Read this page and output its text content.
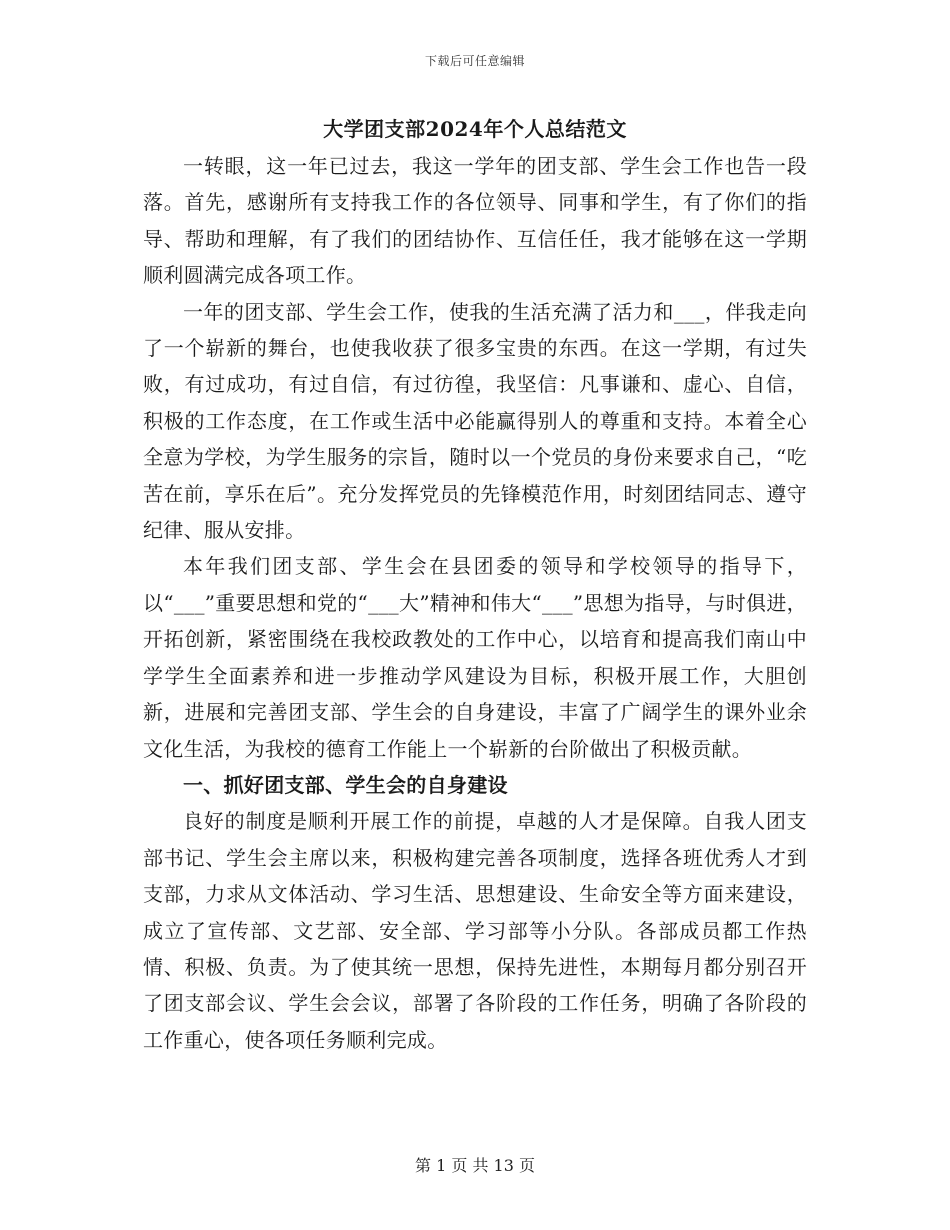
下载后可任意编辑
大学团支部2024年个人总结范文

一转眼，这一年已过去，我这一学年的团支部、学生会工作也告一段落。首先，感谢所有支持我工作的各位领导、同事和学生，有了你们的指导、帮助和理解，有了我们的团结协作、互信任任，我才能够在这一学期顺利圆满完成各项工作。

一年的团支部、学生会工作，使我的生活充满了活力和___，伴我走向了一个崭新的舞台，也使我收获了很多宝贵的东西。在这一学期，有过失败，有过成功，有过自信，有过彷徨，我坚信：凡事谦和、虚心、自信，积极的工作态度，在工作或生活中必能赢得别人的尊重和支持。本着全心全意为学校，为学生服务的宗旨，随时以一个党员的身份来要求自己，“吃苦在前，享乐在后”。充分发挥党员的先锋模范作用，时刻团结同志、遵守纪律、服从安排。

本年我们团支部、学生会在县团委的领导和学校领导的指导下，以“___”重要思想和党的“___大”精神和伟大“___”思想为指导，与时俱进，开拓创新，紧密围绕在我校政教处的工作中心，以培育和提高我们南山中学学生全面素养和进一步推动学风建设为目标，积极开展工作，大胆创新，进展和完善团支部、学生会的自身建设，丰富了广阔学生的课外业余文化生活，为我校的德育工作能上一个崭新的台阶做出了积极贡献。

一、抓好团支部、学生会的自身建设

良好的制度是顺利开展工作的前提，卓越的人才是保障。自我人团支部书记、学生会主席以来，积极构建完善各项制度，选择各班优秀人才到支部，力求从文体活动、学习生活、思想建设、生命安全等方面来建设，成立了宣传部、文艺部、安全部、学习部等小分队。各部成员都工作热情、积极、负责。为了使其统一思想，保持先进性，本期每月都分别召开了团支部会议、学生会会议，部署了各阶段的工作任务，明确了各阶段的工作重心，使各项任务顺利完成。

第 1 页 共 13 页
